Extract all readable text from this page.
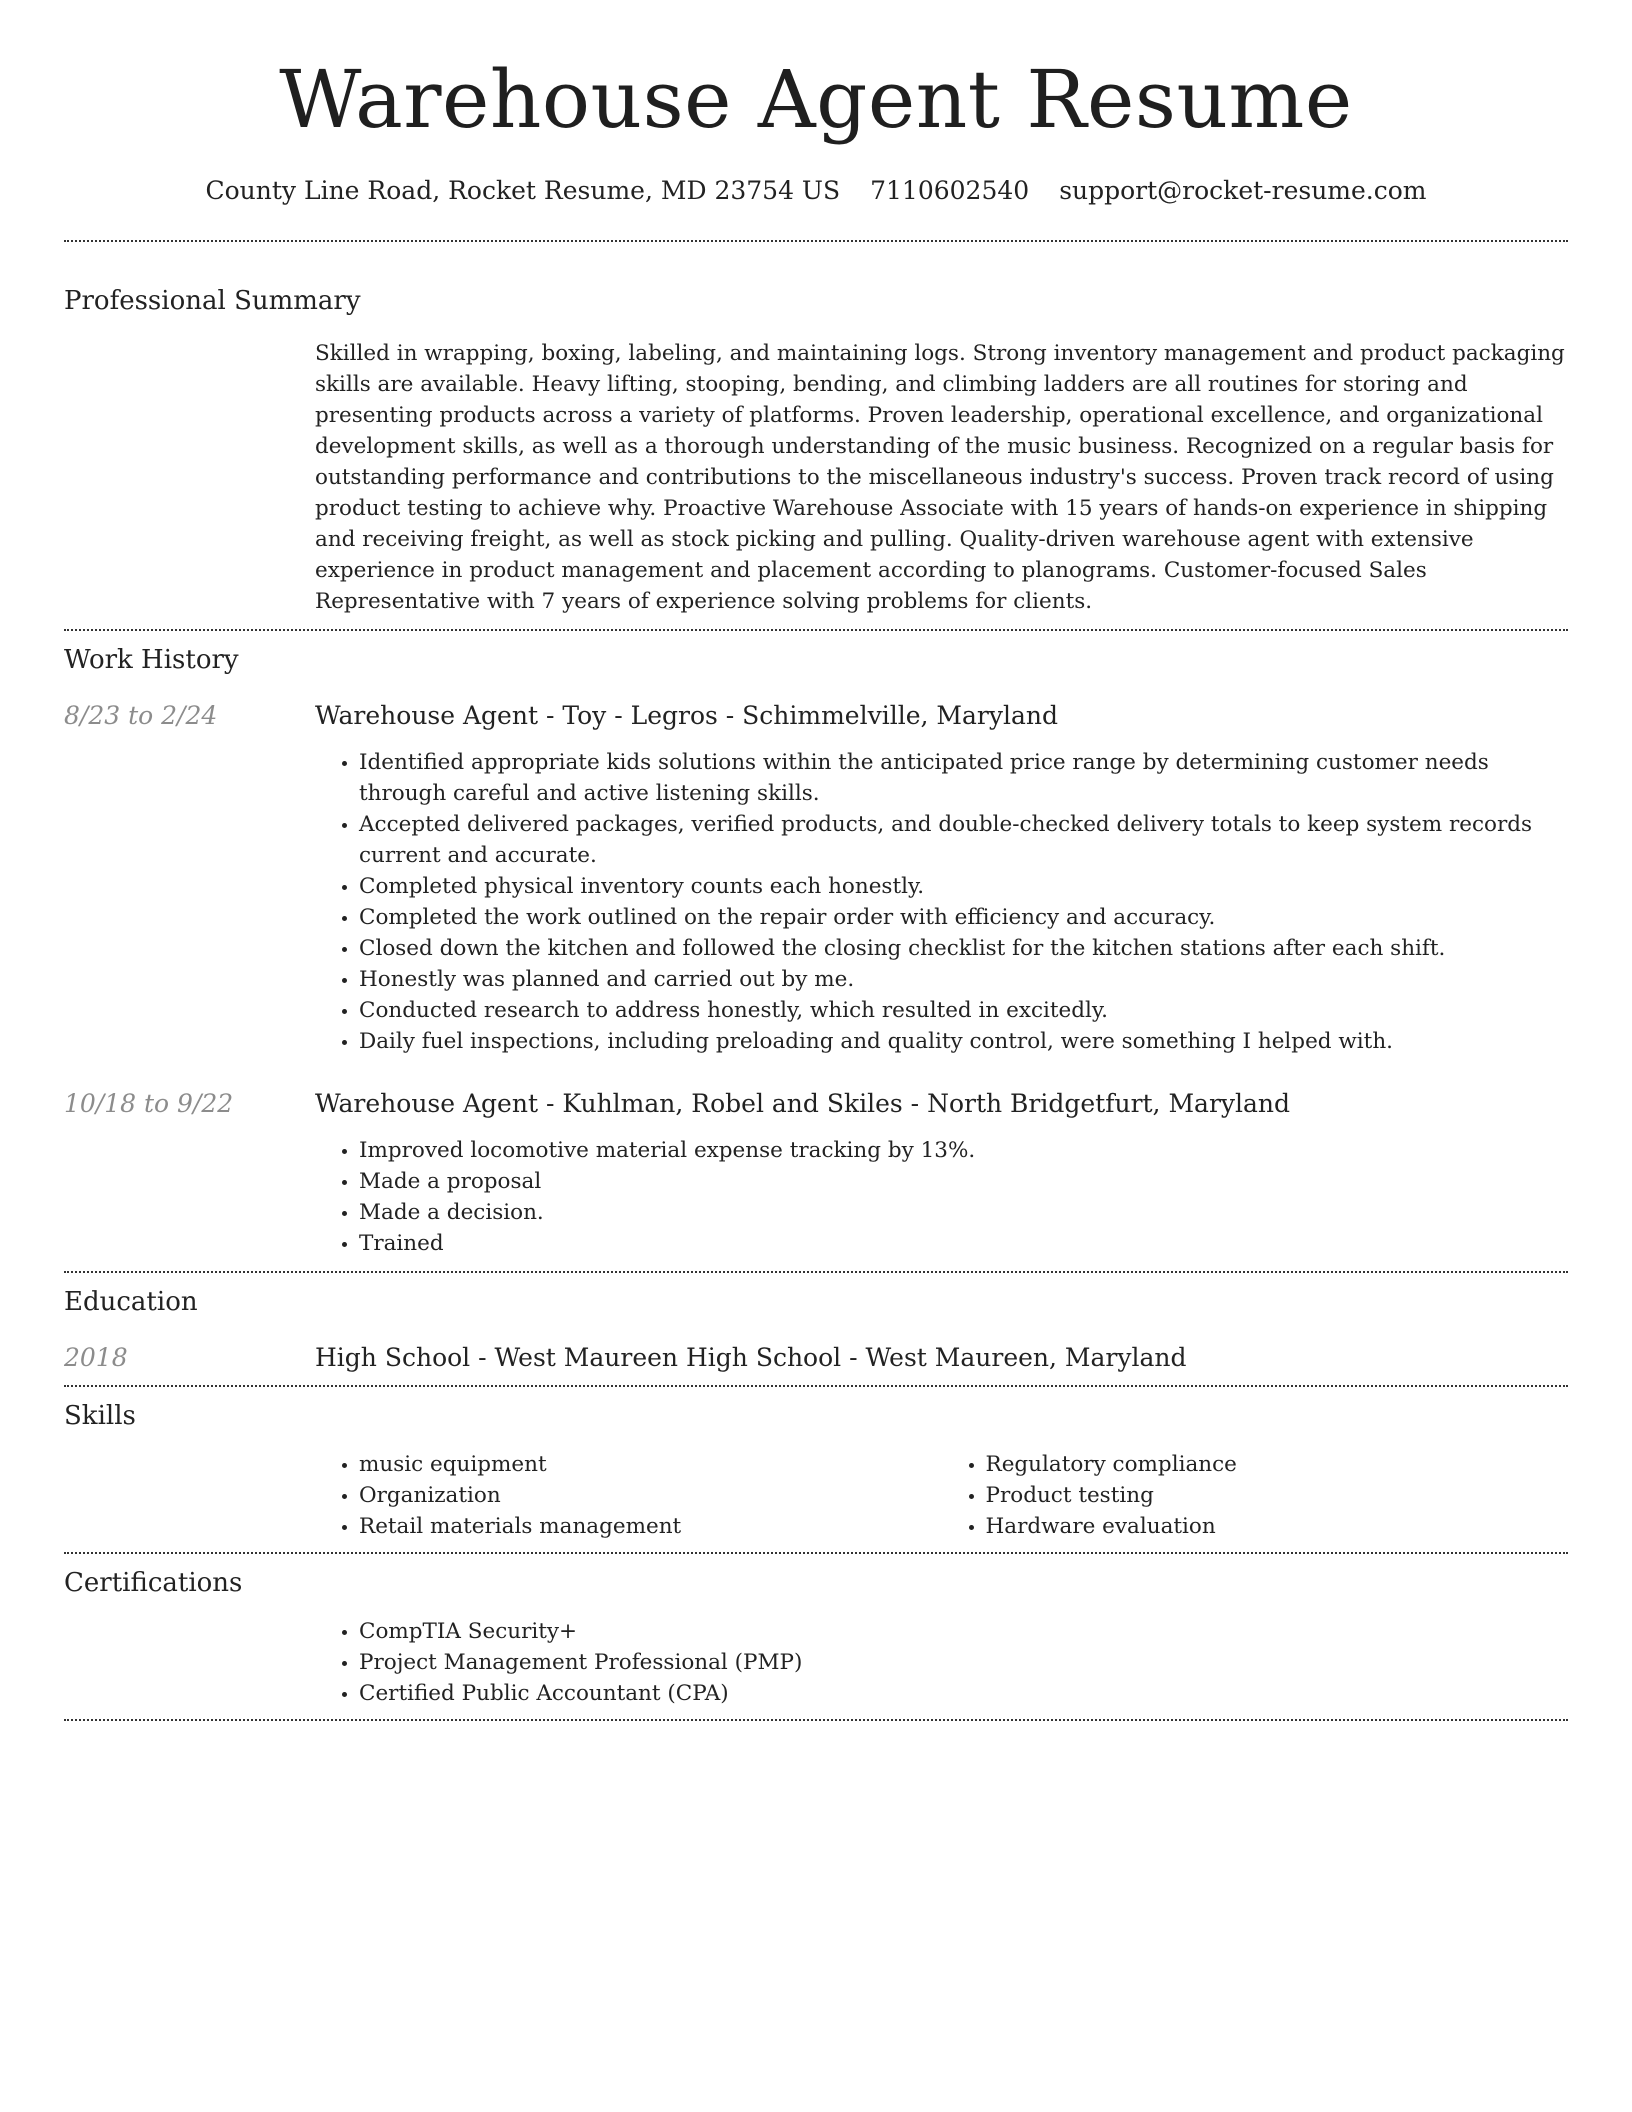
Warehouse Agent Resume
County Line Road, Rocket Resume, MD 23754 US 7110602540 support@rocket-resume.com
Professional Summary
Skilled in wrapping, boxing, labeling, and maintaining logs. Strong inventory management and product packaging skills are available. Heavy lifting, stooping, bending, and climbing ladders are all routines for storing and presenting products across a variety of platforms. Proven leadership, operational excellence, and organizational development skills, as well as a thorough understanding of the music business. Recognized on a regular basis for outstanding performance and contributions to the miscellaneous industry's success. Proven track record of using product testing to achieve why. Proactive Warehouse Associate with 15 years of hands-on experience in shipping and receiving freight, as well as stock picking and pulling. Quality-driven warehouse agent with extensive experience in product management and placement according to planograms. Customer-focused Sales Representative with 7 years of experience solving problems for clients.
Work History
8/23 to 2/24	Warehouse Agent - Toy - Legros - Schimmelville, Maryland
• Identified appropriate kids solutions within the anticipated price range by determining customer needs through careful and active listening skills.
• Accepted delivered packages, verified products, and double-checked delivery totals to keep system records current and accurate.
• Completed physical inventory counts each honestly.
• Completed the work outlined on the repair order with efficiency and accuracy.
• Closed down the kitchen and followed the closing checklist for the kitchen stations after each shift.
• Honestly was planned and carried out by me.
• Conducted research to address honestly, which resulted in excitedly.
• Daily fuel inspections, including preloading and quality control, were something I helped with.
10/18 to 9/22	Warehouse Agent - Kuhlman, Robel and Skiles - North Bridgetfurt, Maryland
• Improved locomotive material expense tracking by 13%.
• Made a proposal
• Made a decision.
• Trained
Education
2018	High School - West Maureen High School - West Maureen, Maryland
Skills
• music equipment
• Organization
• Retail materials management
• Regulatory compliance
• Product testing
• Hardware evaluation
Certifications
• CompTIA Security+
• Project Management Professional (PMP)
• Certified Public Accountant (CPA)
